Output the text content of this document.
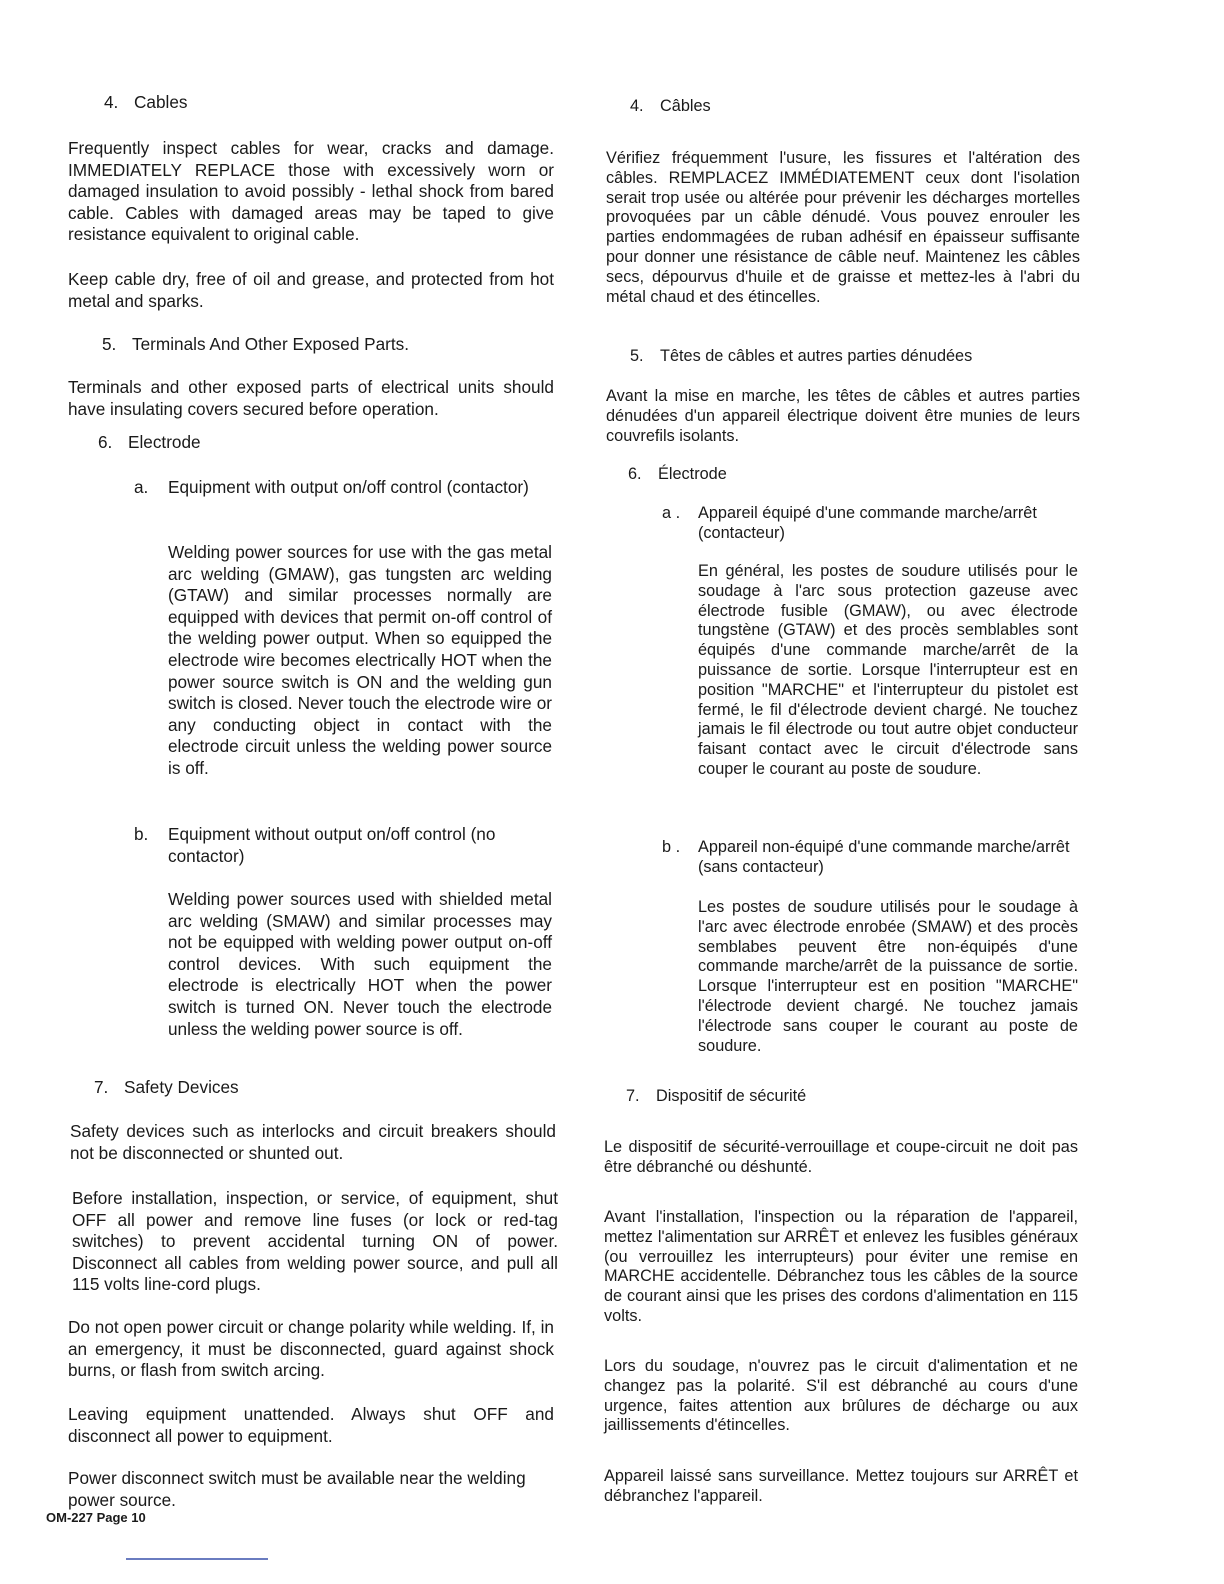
4. Cables

Frequently inspect cables for wear, cracks and damage. IMMEDIATELY REPLACE those with excessively worn or damaged insulation to avoid possibly - lethal shock from bared cable. Cables with damaged areas may be taped to give resistance equivalent to original cable.

Keep cable dry, free of oil and grease, and protected from hot metal and sparks.

5. Terminals And Other Exposed Parts.

Terminals and other exposed parts of electrical units should have insulating covers secured before operation.

6. Electrode

a. Equipment with output on/off control (contactor)

Welding power sources for use with the gas metal arc welding (GMAW), gas tungsten arc welding (GTAW) and similar processes normally are equipped with devices that permit on-off control of the welding power output. When so equipped the electrode wire becomes electrically HOT when the power source switch is ON and the welding gun switch is closed. Never touch the electrode wire or any conducting object in contact with the electrode circuit unless the welding power source is off.

b. Equipment without output on/off control (no contactor)

Welding power sources used with shielded metal arc welding (SMAW) and similar processes may not be equipped with welding power output on-off control devices. With such equipment the electrode is electrically HOT when the power switch is turned ON. Never touch the electrode unless the welding power source is off.

7. Safety Devices

Safety devices such as interlocks and circuit breakers should not be disconnected or shunted out.

Before installation, inspection, or service, of equipment, shut OFF all power and remove line fuses (or lock or red-tag switches) to prevent accidental turning ON of power. Disconnect all cables from welding power source, and pull all 115 volts line-cord plugs.

Do not open power circuit or change polarity while welding. If, in an emergency, it must be disconnected, guard against shock burns, or flash from switch arcing.

Leaving equipment unattended. Always shut OFF and disconnect all power to equipment.

Power disconnect switch must be available near the welding power source.

4. Câbles

Vérifiez fréquemment l'usure, les fissures et l'altération des câbles. REMPLACEZ IMMÉDIATEMENT ceux dont l'isolation serait trop usée ou altérée pour prévenir les décharges mortelles provoquées par un câble dénudé. Vous pouvez enrouler les parties endommagées de ruban adhésif en épaisseur suffisante pour donner une résistance de câble neuf. Maintenez les câbles secs, dépourvus d'huile et de graisse et mettez-les à l'abri du métal chaud et des étincelles.

5. Têtes de câbles et autres parties dénudées

Avant la mise en marche, les têtes de câbles et autres parties dénudées d'un appareil électrique doivent être munies de leurs couvrefils isolants.

6. Électrode

a . Appareil équipé d'une commande marche/arrêt (contacteur)

En général, les postes de soudure utilisés pour le soudage à l'arc sous protection gazeuse avec électrode fusible (GMAW), ou avec électrode tungstène (GTAW) et des procès semblables sont équipés d'une commande marche/arrêt de la puissance de sortie. Lorsque l'interrupteur est en position "MARCHE" et l'interrupteur du pistolet est fermé, le fil d'électrode devient chargé. Ne touchez jamais le fil électrode ou tout autre objet conducteur faisant contact avec le circuit d'électrode sans couper le courant au poste de soudure.

b . Appareil non-équipé d'une commande marche/arrêt (sans contacteur)

Les postes de soudure utilisés pour le soudage à l'arc avec électrode enrobée (SMAW) et des procès semblabes peuvent être non-équipés d'une commande marche/arrêt de la puissance de sortie. Lorsque l'interrupteur est en position "MARCHE" l'électrode devient chargé. Ne touchez jamais l'électrode sans couper le courant au poste de soudure.

7. Dispositif de sécurité

Le dispositif de sécurité-verrouillage et coupe-circuit ne doit pas être débranché ou déshunté.

Avant l'installation, l'inspection ou la réparation de l'appareil, mettez l'alimentation sur ARRÊT et enlevez les fusibles généraux (ou verrouillez les interrupteurs) pour éviter une remise en MARCHE accidentelle. Débranchez tous les câbles de la source de courant ainsi que les prises des cordons d'alimentation en 115 volts.

Lors du soudage, n'ouvrez pas le circuit d'alimentation et ne changez pas la polarité. S'il est débranché au cours d'une urgence, faites attention aux brûlures de décharge ou aux jaillissements d'étincelles.

Appareil laissé sans surveillance. Mettez toujours sur ARRÊT et débranchez l'appareil.

OM-227 Page 10
